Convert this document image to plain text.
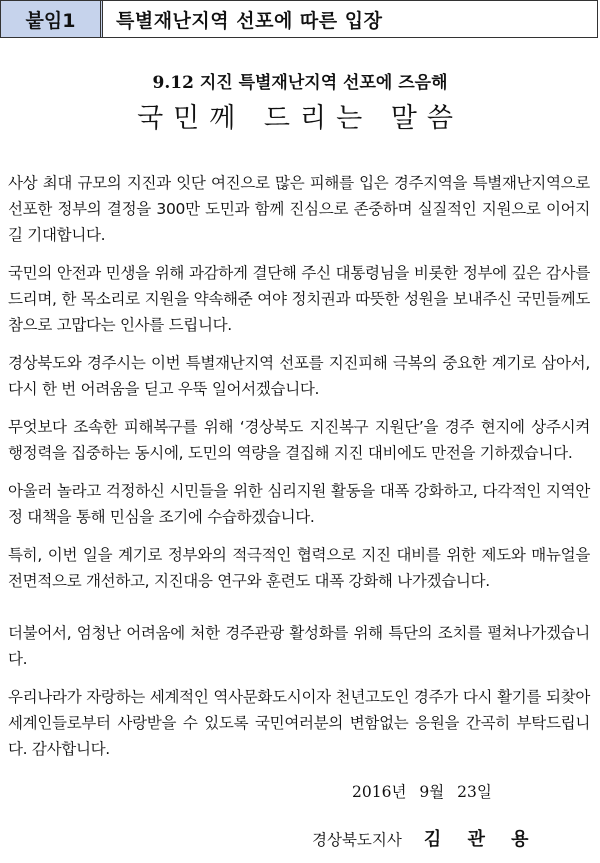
붙임1	특별재난지역 선포에 따른 입장
9.12 지진 특별재난지역 선포에 즈음해
국민께 드리는 말씀

사상 최대 규모의 지진과 잇단 여진으로 많은 피해를 입은 경주지역을 특별재난지역으로 선포한 정부의 결정을 300만 도민과 함께 진심으로 존중하며 실질적인 지원으로 이어지길 기대합니다.

국민의 안전과 민생을 위해 과감하게 결단해 주신 대통령님을 비롯한 정부에 깊은 감사를 드리며, 한 목소리로 지원을 약속해준 여야 정치권과 따뜻한 성원을 보내주신 국민들께도 참으로 고맙다는 인사를 드립니다.

경상북도와 경주시는 이번 특별재난지역 선포를 지진피해 극복의 중요한 계기로 삼아서, 다시 한 번 어려움을 딛고 우뚝 일어서겠습니다.

무엇보다 조속한 피해복구를 위해 ‘경상북도 지진복구 지원단’을 경주 현지에 상주시켜 행정력을 집중하는 동시에, 도민의 역량을 결집해 지진 대비에도 만전을 기하겠습니다.

아울러 놀라고 걱정하신 시민들을 위한 심리지원 활동을 대폭 강화하고, 다각적인 지역안정 대책을 통해 민심을 조기에 수습하겠습니다.

특히, 이번 일을 계기로 정부와의 적극적인 협력으로 지진 대비를 위한 제도와 매뉴얼을 전면적으로 개선하고, 지진대응 연구와 훈련도 대폭 강화해 나가겠습니다.

더불어서, 엄청난 어려움에 처한 경주관광 활성화를 위해 특단의 조치를 펼쳐나가겠습니다.

우리나라가 자랑하는 세계적인 역사문화도시이자 천년고도인 경주가 다시 활기를 되찾아 세계인들로부터 사랑받을 수 있도록 국민여러분의 변함없는 응원을 간곡히 부탁드립니다. 감사합니다.

2016년 9월 23일
경상북도지사 김 관 용
